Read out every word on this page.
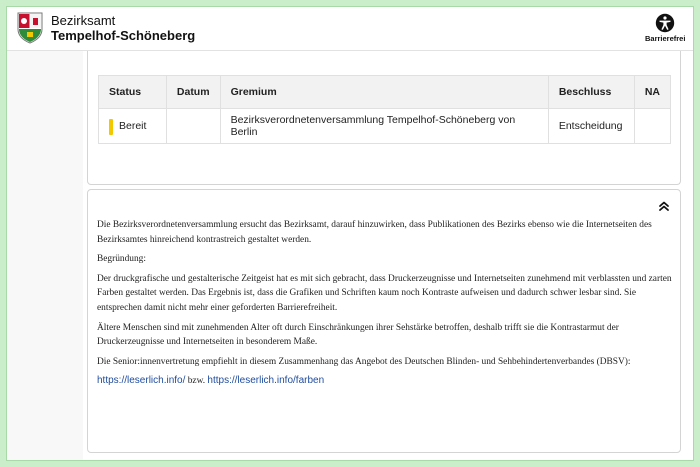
Bezirksamt
Tempelhof-Schöneberg	Barrierefrei
Status	Datum	Gremium	Beschluss	NA

Bereit		Bezirksverordnetenversammlung Tempelhof-Schöneberg von Berlin	Entscheidung	

Die Bezirksverordnetenversammlung ersucht das Bezirksamt, darauf hinzuwirken, dass Publikationen des Bezirks ebenso wie die Internetseiten des Bezirksamtes hinreichend kontrastreich gestaltet werden.

Begründung:

Der druckgrafische und gestalterische Zeitgeist hat es mit sich gebracht, dass Druckerzeugnisse und Internetseiten zunehmend mit verblassten und zarten Farben gestaltet werden. Das Ergebnis ist, dass die Grafiken und Schriften kaum noch Kontraste aufweisen und dadurch schwer lesbar sind. Sie entsprechen damit nicht mehr einer geforderten Barrierefreiheit.

Ältere Menschen sind mit zunehmenden Alter oft durch Einschränkungen ihrer Sehstärke betroffen, deshalb trifft sie die Kontrastarmut der Druckerzeugnisse und Internetseiten in besonderem Maße.

Die Senior:innenvertretung empfiehlt in diesem Zusammenhang das Angebot des Deutschen Blinden- und Sehbehindertenverbandes (DBSV):

https://leserlich.info/ bzw. https://leserlich.info/farben
